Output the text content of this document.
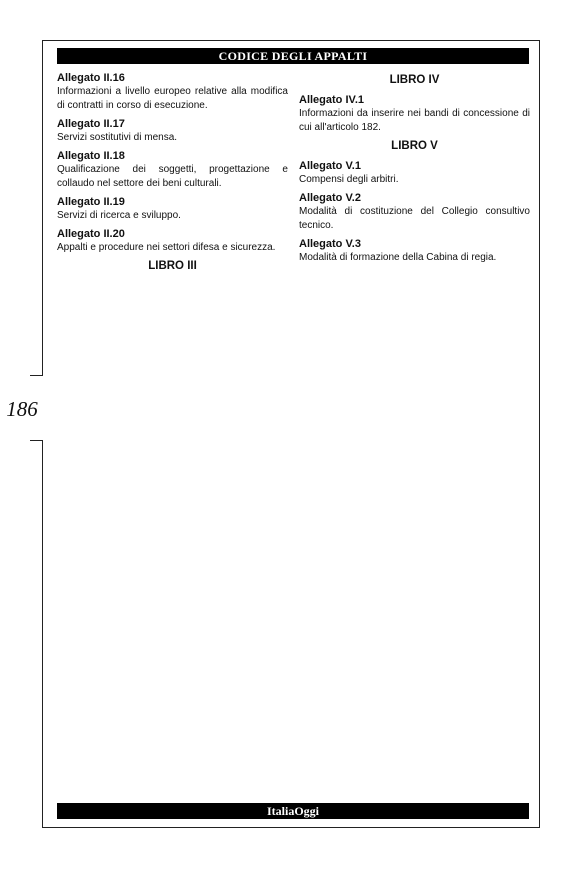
186
CODICE DEGLI APPALTI

Allegato II.16

Informazioni a livello europeo relative alla modifica di contratti in corso di esecuzione.

Allegato II.17

Servizi sostitutivi di mensa.

Allegato II.18

Qualificazione dei soggetti, progettazione e collaudo nel settore dei beni culturali.

Allegato II.19

Servizi di ricerca e sviluppo.

Allegato II.20

Appalti e procedure nei settori difesa e sicurezza.

LIBRO III

LIBRO IV

Allegato IV.1

Informazioni da inserire nei bandi di concessione di cui all'articolo 182.

LIBRO V

Allegato V.1

Compensi degli arbitri.

Allegato V.2

Modalità di costituzione del Collegio consultivo tecnico.

Allegato V.3

Modalità di formazione della Cabina di regia.

ItaliaOggi
